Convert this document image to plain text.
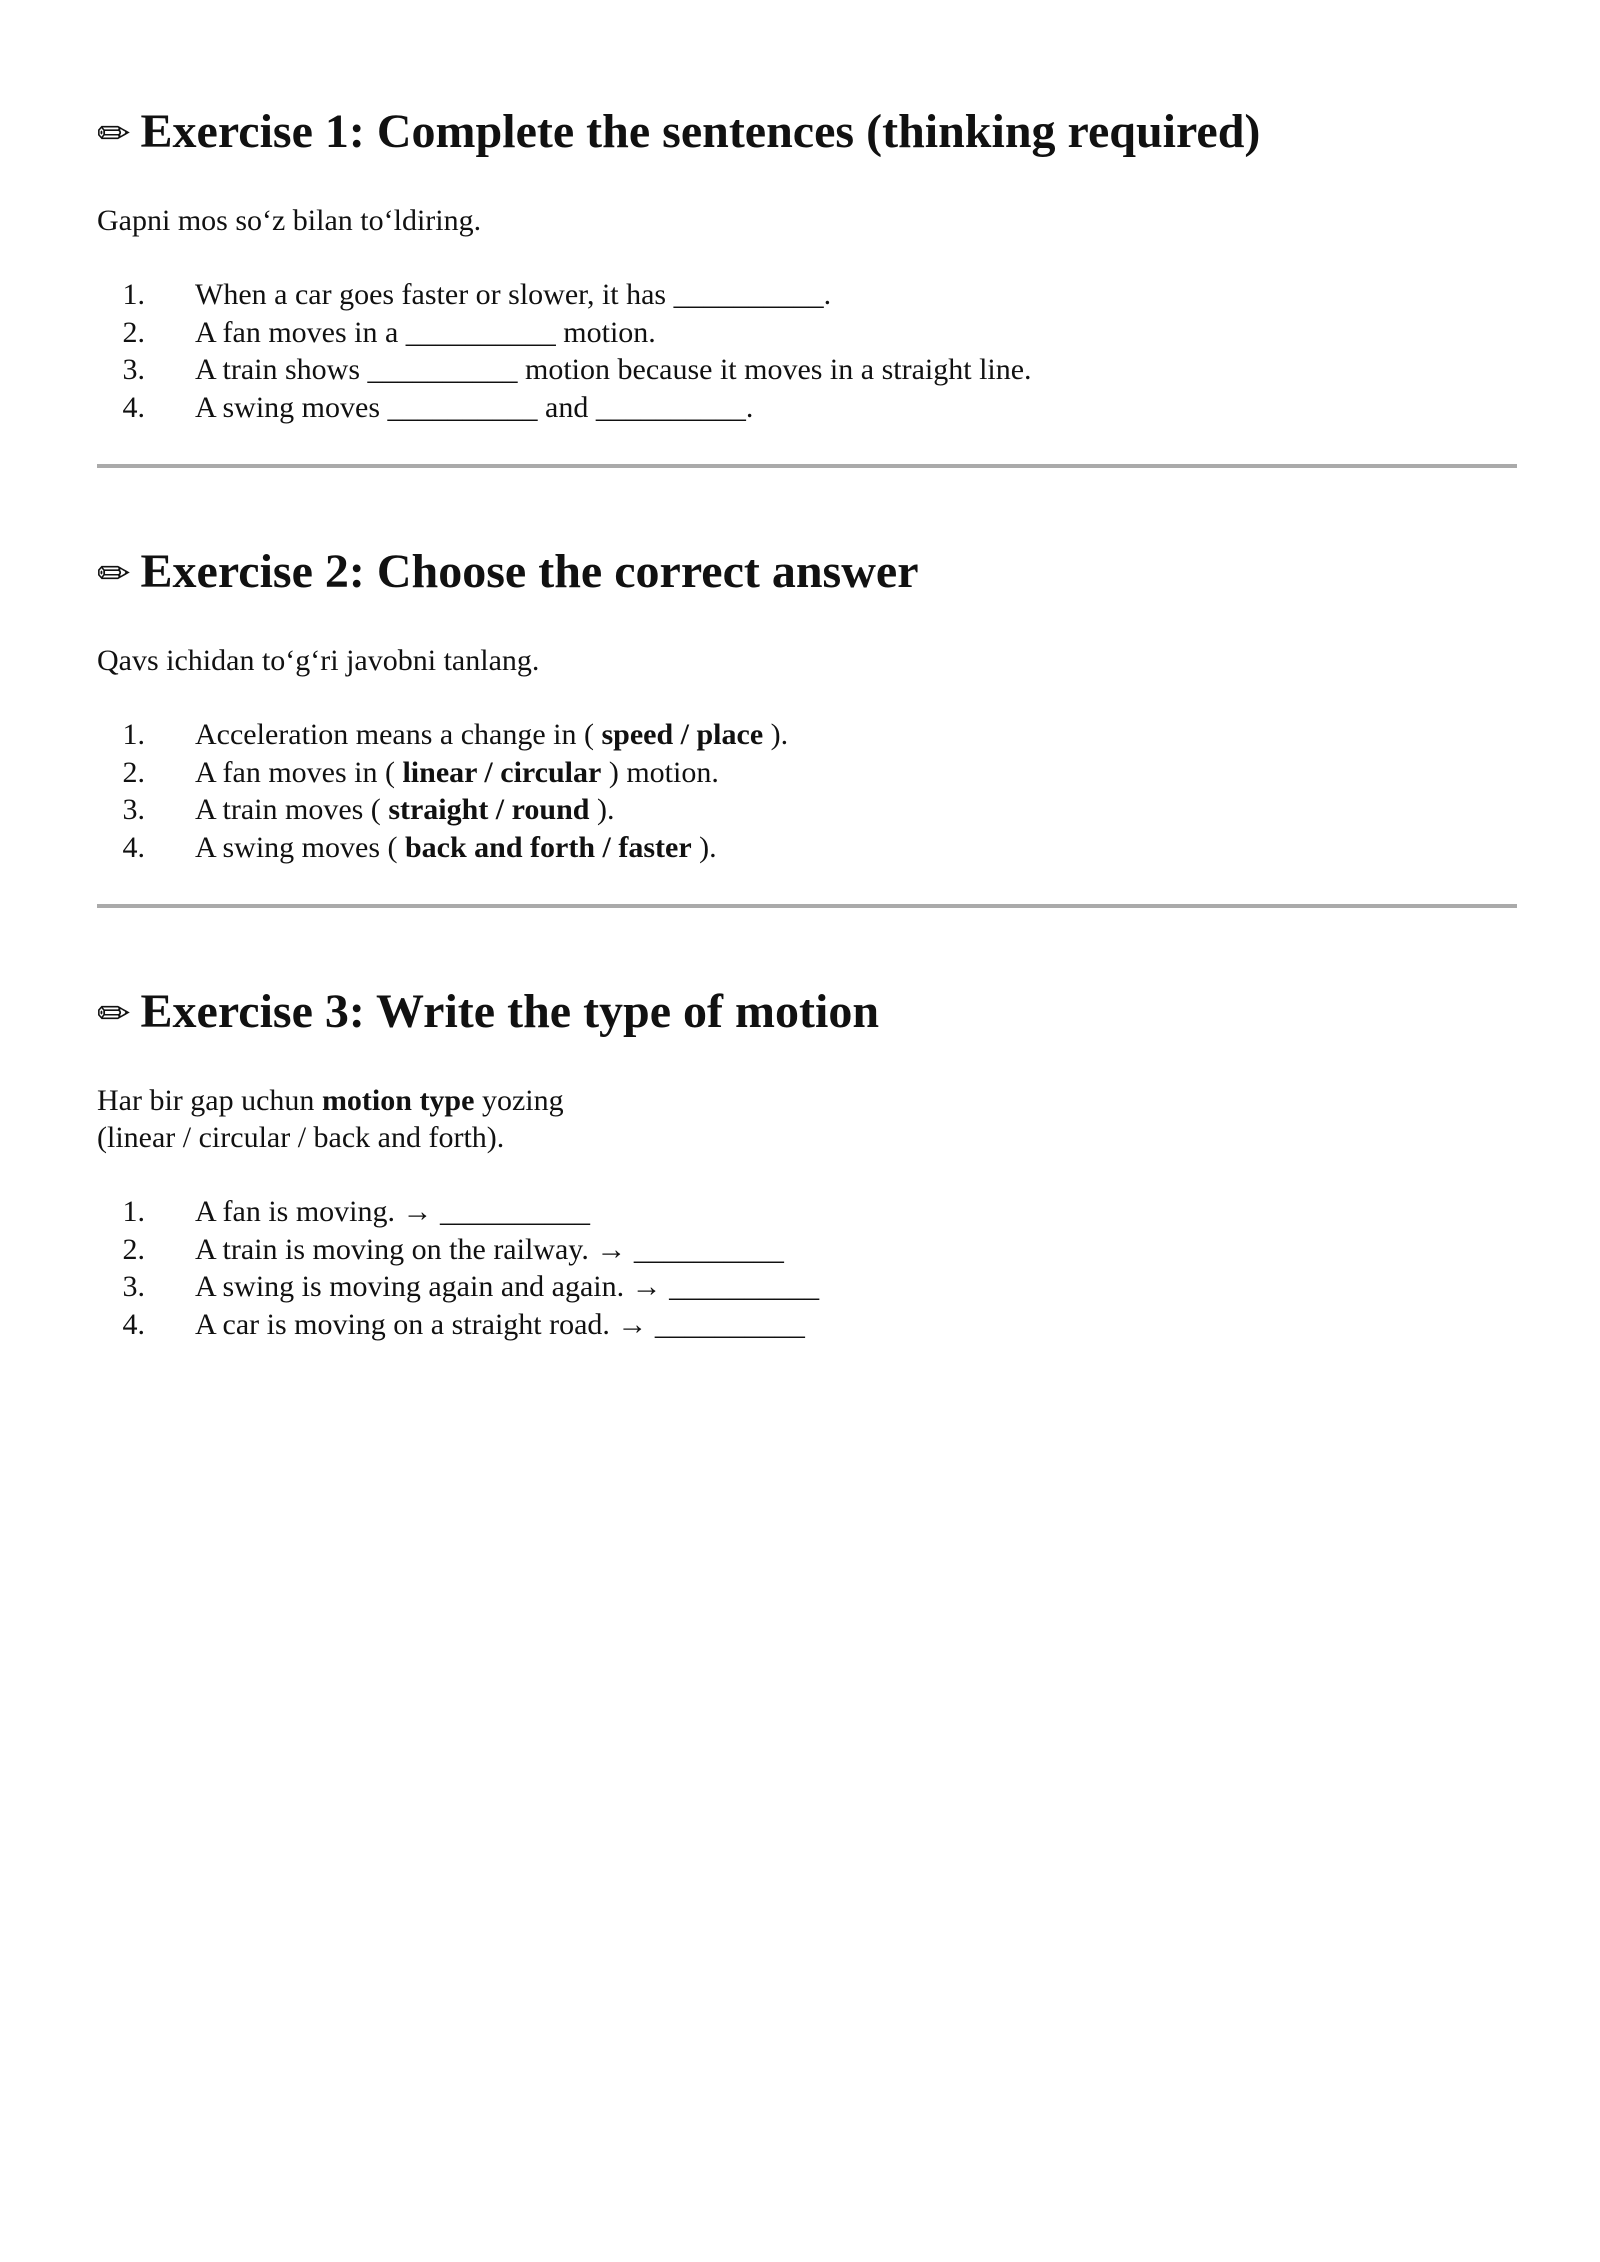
✏ Exercise 1: Complete the sentences (thinking required)

Gapni mos so‘z bilan to‘ldiring.

1. When a car goes faster or slower, it has __________.
2. A fan moves in a __________ motion.
3. A train shows __________ motion because it moves in a straight line.
4. A swing moves __________ and __________.
✏ Exercise 2: Choose the correct answer

Qavs ichidan to‘g‘ri javobni tanlang.

1. Acceleration means a change in ( speed / place ).
2. A fan moves in ( linear / circular ) motion.
3. A train moves ( straight / round ).
4. A swing moves ( back and forth / faster ).
✏ Exercise 3: Write the type of motion

Har bir gap uchun motion type yozing
(linear / circular / back and forth).

1. A fan is moving. → __________
2. A train is moving on the railway. → __________
3. A swing is moving again and again. → __________
4. A car is moving on a straight road. → __________
